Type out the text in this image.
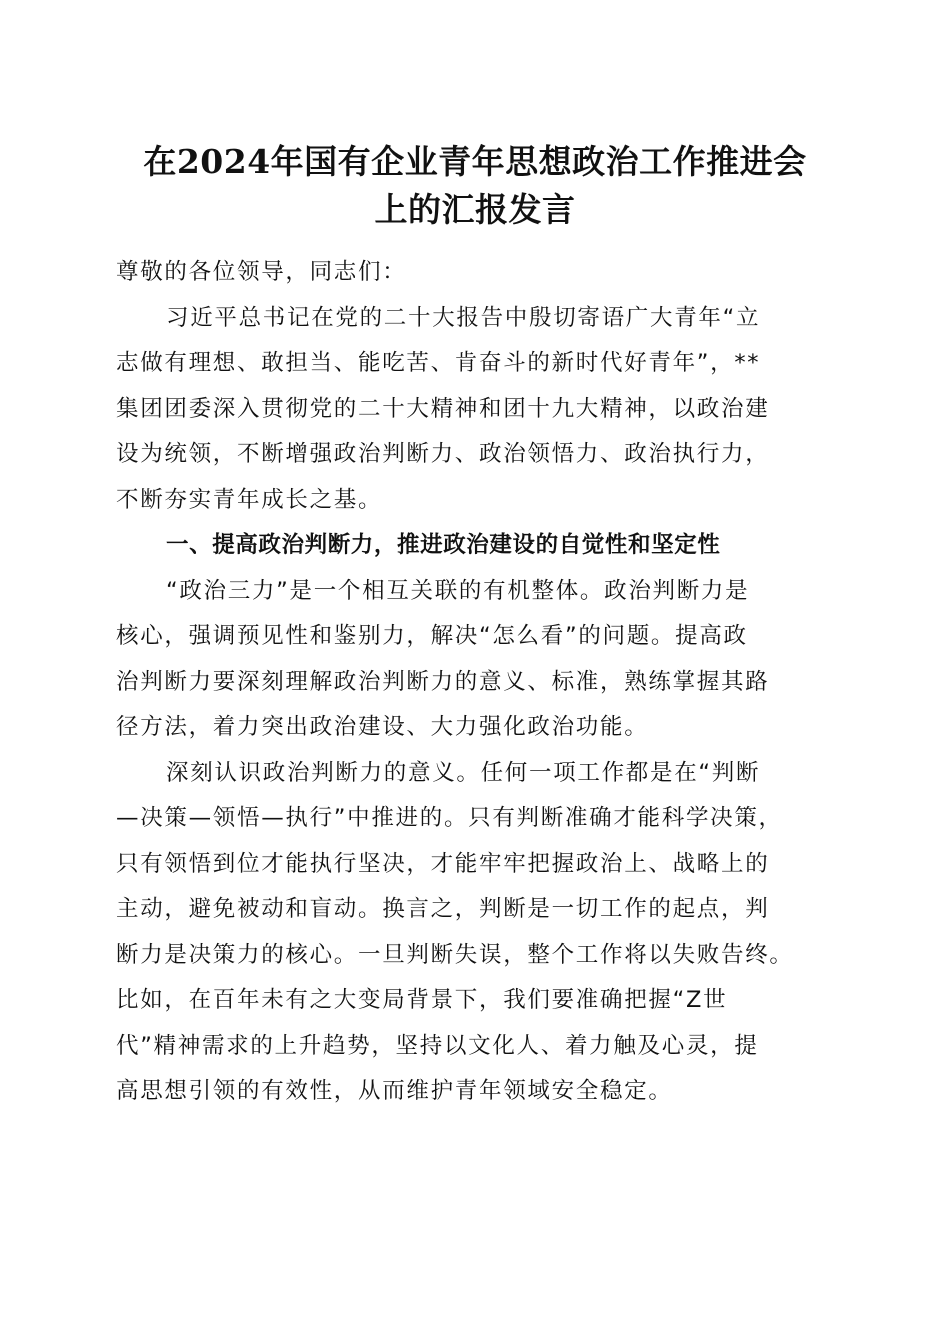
在2024年国有企业青年思想政治工作推进会
上的汇报发言
尊敬的各位领导，同志们：
习近平总书记在党的二十大报告中殷切寄语广大青年“立
志做有理想、敢担当、能吃苦、肯奋斗的新时代好青年”，**
集团团委深入贯彻党的二十大精神和团十九大精神，以政治建
设为统领，不断增强政治判断力、政治领悟力、政治执行力，
不断夯实青年成长之基。
一、提高政治判断力，推进政治建设的自觉性和坚定性
“政治三力”是一个相互关联的有机整体。政治判断力是
核心，强调预见性和鉴别力，解决“怎么看”的问题。提高政
治判断力要深刻理解政治判断力的意义、标准，熟练掌握其路
径方法，着力突出政治建设、大力强化政治功能。
深刻认识政治判断力的意义。任何一项工作都是在“判断
—决策—领悟—执行”中推进的。只有判断准确才能科学决策，
只有领悟到位才能执行坚决，才能牢牢把握政治上、战略上的
主动，避免被动和盲动。换言之，判断是一切工作的起点，判
断力是决策力的核心。一旦判断失误，整个工作将以失败告终。
比如，在百年未有之大变局背景下，我们要准确把握“Z世
代”精神需求的上升趋势，坚持以文化人、着力触及心灵，提
高思想引领的有效性，从而维护青年领域安全稳定。
